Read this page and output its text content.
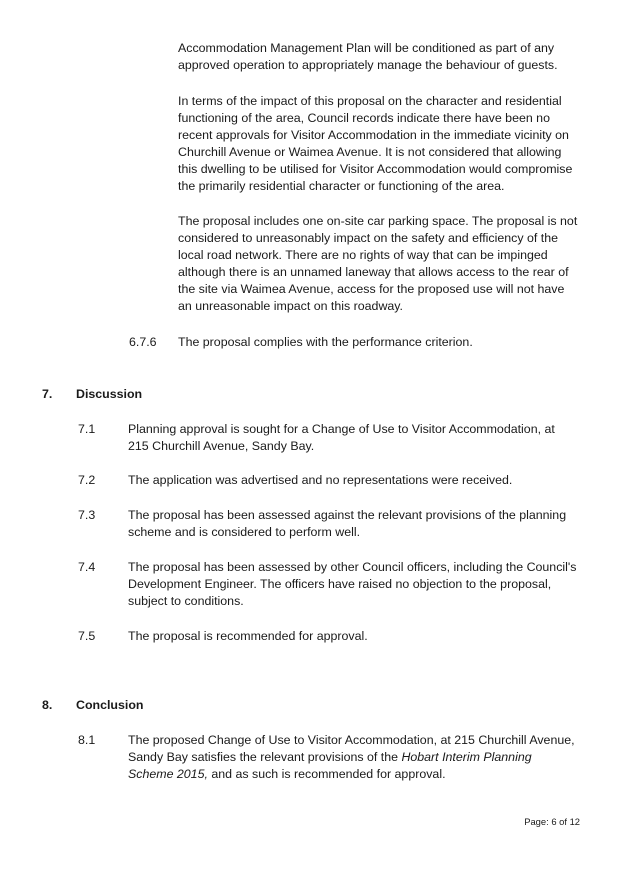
Accommodation Management Plan will be conditioned as part of any approved operation to appropriately manage the behaviour of guests.

In terms of the impact of this proposal on the character and residential functioning of the area, Council records indicate there have been no recent approvals for Visitor Accommodation in the immediate vicinity on Churchill Avenue or Waimea Avenue. It is not considered that allowing this dwelling to be utilised for Visitor Accommodation would compromise the primarily residential character or functioning of the area.

The proposal includes one on-site car parking space. The proposal is not considered to unreasonably impact on the safety and efficiency of the local road network. There are no rights of way that can be impinged although there is an unnamed laneway that allows access to the rear of the site via Waimea Avenue, access for the proposed use will not have an unreasonable impact on this roadway.

6.7.6 The proposal complies with the performance criterion.
7. Discussion
7.1	Planning approval is sought for a Change of Use to Visitor Accommodation, at 215 Churchill Avenue, Sandy Bay.
7.2	The application was advertised and no representations were received.
7.3	The proposal has been assessed against the relevant provisions of the planning scheme and is considered to perform well.
7.4	The proposal has been assessed by other Council officers, including the Council's Development Engineer. The officers have raised no objection to the proposal, subject to conditions.
7.5	The proposal is recommended for approval.
8. Conclusion
8.1	The proposed Change of Use to Visitor Accommodation, at 215 Churchill Avenue, Sandy Bay satisfies the relevant provisions of the Hobart Interim Planning Scheme 2015, and as such is recommended for approval.
Page: 6 of 12
